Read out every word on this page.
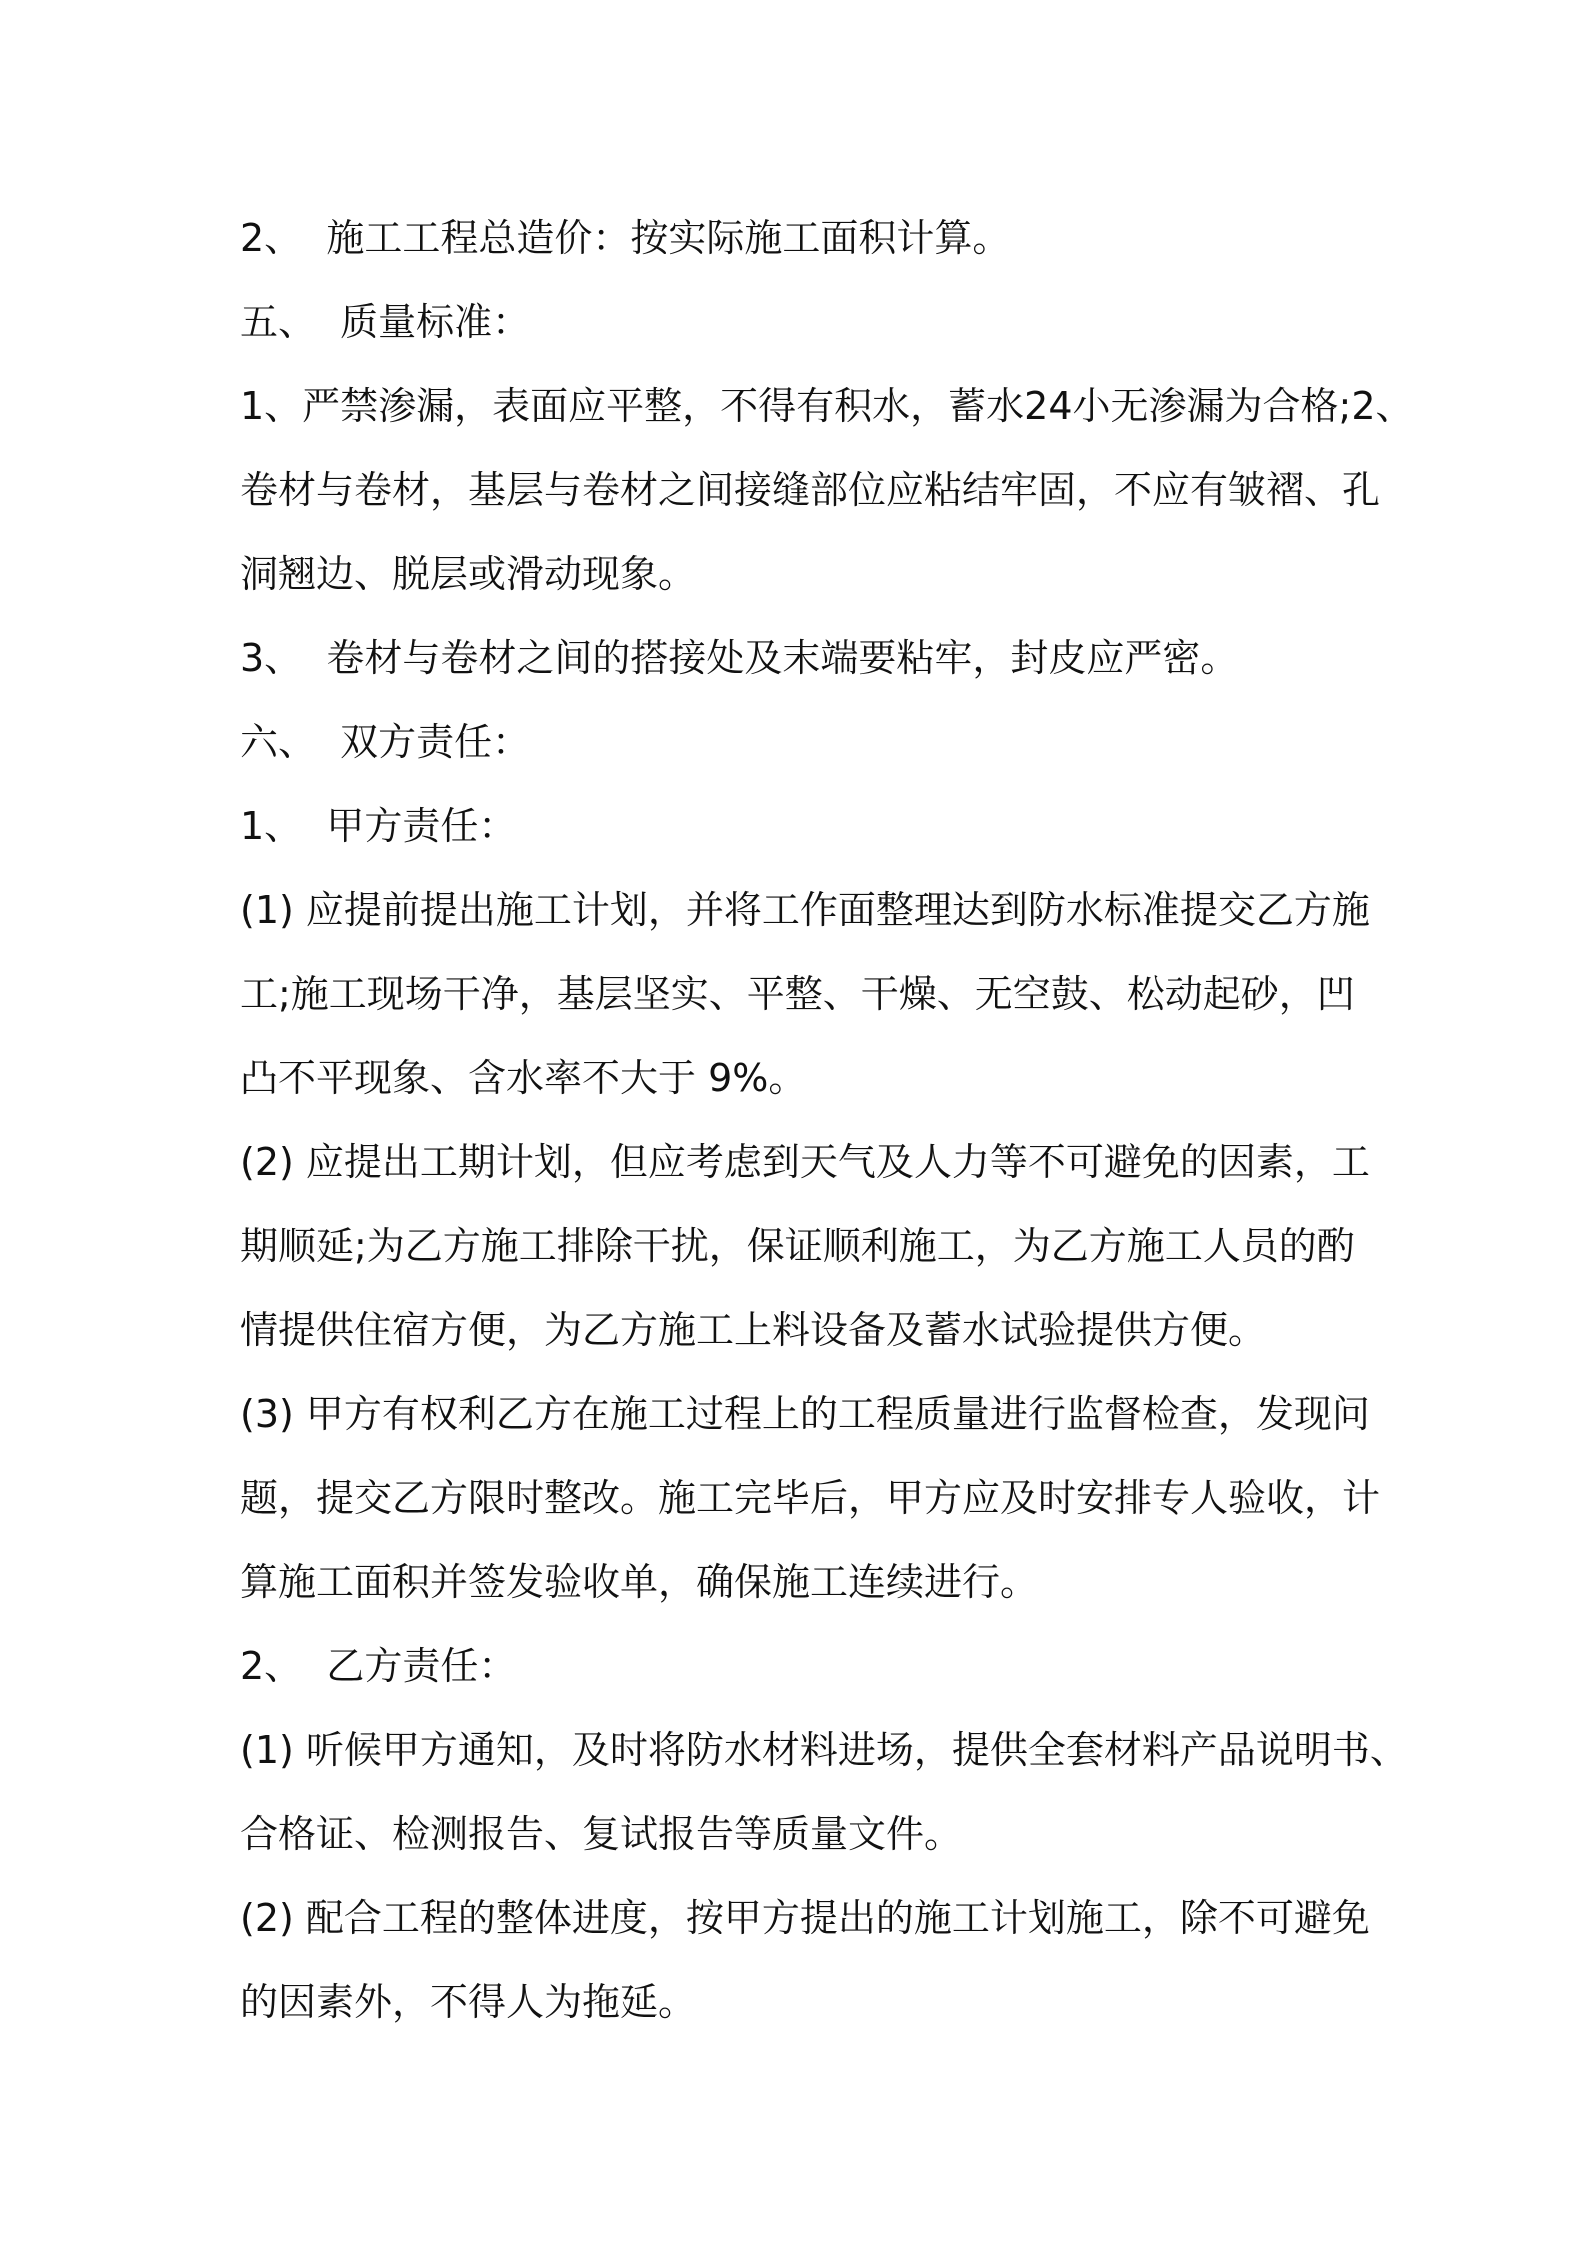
2、  施工工程总造价：按实际施工面积计算。
五、  质量标准：
1、严禁渗漏，表面应平整，不得有积水，蓄水24小无渗漏为合格;2、
卷材与卷材，基层与卷材之间接缝部位应粘结牢固，不应有皱褶、孔
洞翘边、脱层或滑动现象。
3、  卷材与卷材之间的搭接处及末端要粘牢，封皮应严密。
六、  双方责任：
1、  甲方责任：
(1) 应提前提出施工计划，并将工作面整理达到防水标准提交乙方施
工;施工现场干净，基层坚实、平整、干燥、无空鼓、松动起砂，凹
凸不平现象、含水率不大于 9%。
(2) 应提出工期计划，但应考虑到天气及人力等不可避免的因素，工
期顺延;为乙方施工排除干扰，保证顺利施工，为乙方施工人员的酌
情提供住宿方便，为乙方施工上料设备及蓄水试验提供方便。
(3) 甲方有权利乙方在施工过程上的工程质量进行监督检查，发现问
题，提交乙方限时整改。施工完毕后，甲方应及时安排专人验收，计
算施工面积并签发验收单，确保施工连续进行。
2、  乙方责任：
(1) 听候甲方通知，及时将防水材料进场，提供全套材料产品说明书、
合格证、检测报告、复试报告等质量文件。
(2) 配合工程的整体进度，按甲方提出的施工计划施工，除不可避免
的因素外，不得人为拖延。
